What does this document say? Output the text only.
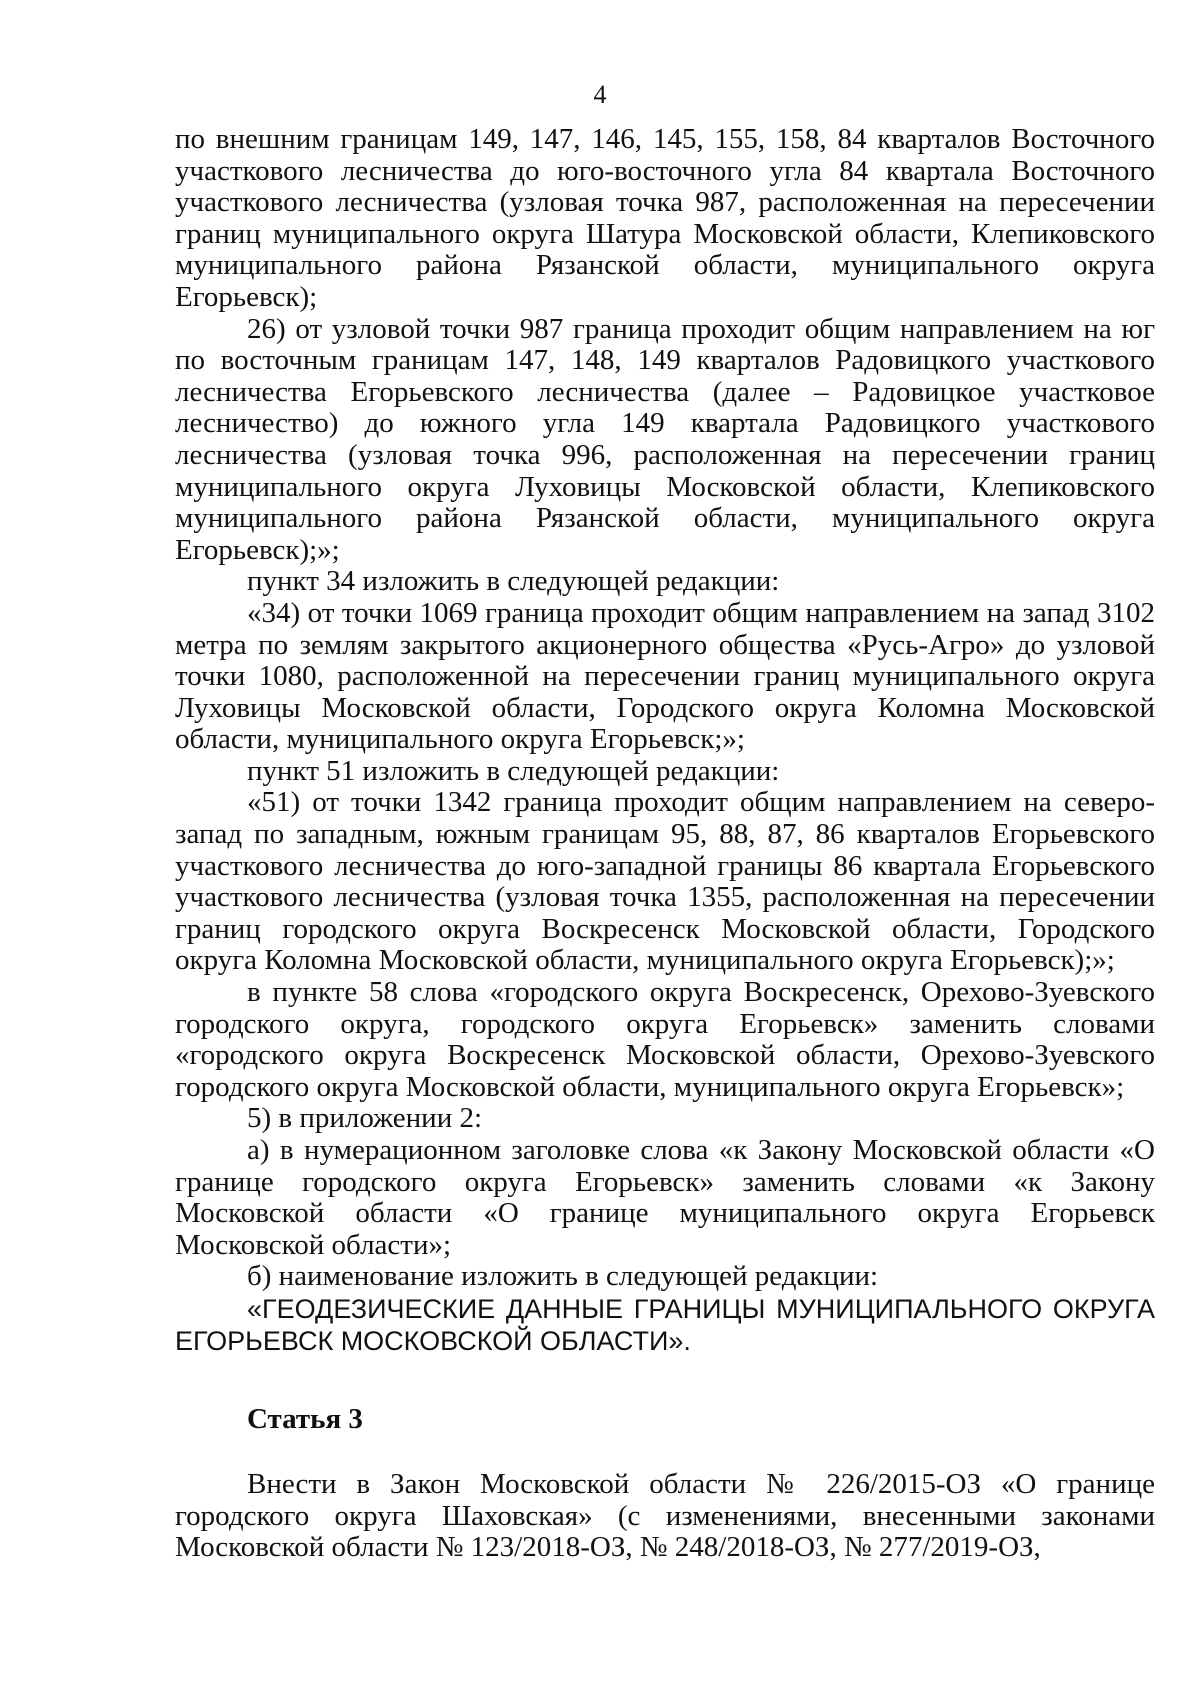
4

по внешним границам 149, 147, 146, 145, 155, 158, 84 кварталов Восточного участкового лесничества до юго-восточного угла 84 квартала Восточного участкового лесничества (узловая точка 987, расположенная на пересечении границ муниципального округа Шатура Московской области, Клепиковского муниципального района Рязанской области, муниципального округа Егорьевск);

26) от узловой точки 987 граница проходит общим направлением на юг по восточным границам 147, 148, 149 кварталов Радовицкого участкового лесничества Егорьевского лесничества (далее – Радовицкое участковое лесничество) до южного угла 149 квартала Радовицкого участкового лесничества (узловая точка 996, расположенная на пересечении границ муниципального округа Луховицы Московской области, Клепиковского муниципального района Рязанской области, муниципального округа Егорьевск);»;

пункт 34 изложить в следующей редакции:

«34) от точки 1069 граница проходит общим направлением на запад 3102 метра по землям закрытого акционерного общества «Русь-Агро» до узловой точки 1080, расположенной на пересечении границ муниципального округа Луховицы Московской области, Городского округа Коломна Московской области, муниципального округа Егорьевск;»;

пункт 51 изложить в следующей редакции:

«51) от точки 1342 граница проходит общим направлением на северо-запад по западным, южным границам 95, 88, 87, 86 кварталов Егорьевского участкового лесничества до юго-западной границы 86 квартала Егорьевского участкового лесничества (узловая точка 1355, расположенная на пересечении границ городского округа Воскресенск Московской области, Городского округа Коломна Московской области, муниципального округа Егорьевск);»;

в пункте 58 слова «городского округа Воскресенск, Орехово-Зуевского городского округа, городского округа Егорьевск» заменить словами «городского округа Воскресенск Московской области, Орехово-Зуевского городского округа Московской области, муниципального округа Егорьевск»;

5) в приложении 2:

а) в нумерационном заголовке слова «к Закону Московской области «О границе городского округа Егорьевск» заменить словами «к Закону Московской области «О границе муниципального округа Егорьевск Московской области»;

б) наименование изложить в следующей редакции:

«ГЕОДЕЗИЧЕСКИЕ ДАННЫЕ ГРАНИЦЫ МУНИЦИПАЛЬНОГО ОКРУГА ЕГОРЬЕВСК МОСКОВСКОЙ ОБЛАСТИ».

Статья 3

Внести в Закон Московской области № 226/2015-ОЗ «О границе городского округа Шаховская» (с изменениями, внесенными законами Московской области № 123/2018-ОЗ, № 248/2018-ОЗ, № 277/2019-ОЗ,
